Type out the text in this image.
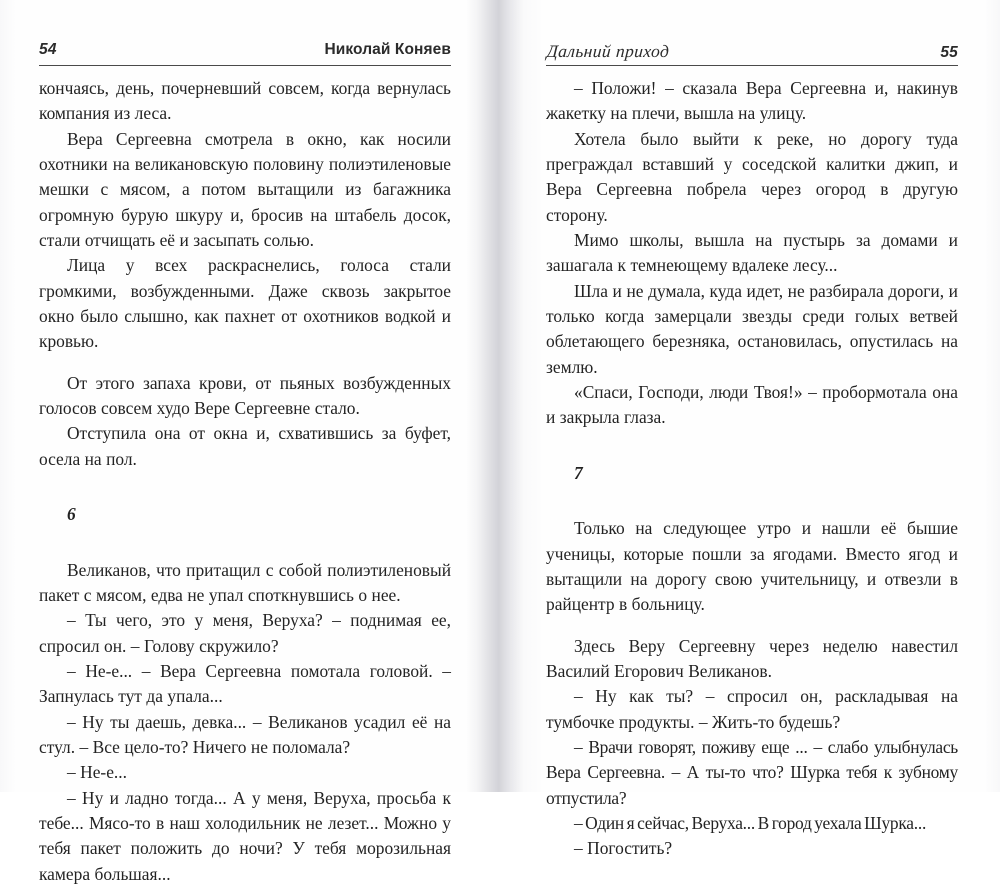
54	Николай Коняев

кончаясь, день, почерневший совсем, когда вернулась компания из леса.

Вера Сергеевна смотрела в окно, как носили охотники на великановскую половину полиэтиленовые мешки с мясом, а потом вытащили из багажника огромную бурую шкуру и, бросив на штабель досок, стали отчищать её и засыпать солью.

Лица у всех раскраснелись, голоса стали громкими, возбужденными. Даже сквозь закрытое окно было слышно, как пахнет от охотников водкой и кровью.

От этого запаха крови, от пьяных возбужденных голосов совсем худо Вере Сергеевне стало.

Отступила она от окна и, схватившись за буфет, осела на пол.

6

Великанов, что притащил с собой полиэтиленовый пакет с мясом, едва не упал споткнувшись о нее.

– Ты чего, это у меня, Веруха? – поднимая ее, спросил он. – Голову скружило?

– Не-е... – Вера Сергеевна помотала головой. – Запнулась тут да упала...

– Ну ты даешь, девка... – Великанов усадил её на стул. – Все цело-то? Ничего не поломала?

– Не-е...

– Ну и ладно тогда... А у меня, Веруха, просьба к тебе... Мясо-то в наш холодильник не лезет... Можно у тебя пакет положить до ночи? У тебя морозильная камера большая...

Дальний приход	55

– Положи! – сказала Вера Сергеевна и, накинув жакетку на плечи, вышла на улицу.

Хотела было выйти к реке, но дорогу туда преграждал вставший у соседской калитки джип, и Вера Сергеевна побрела через огород в другую сторону.

Мимо школы, вышла на пустырь за домами и зашагала к темнеющему вдалеке лесу...

Шла и не думала, куда идет, не разбирала дороги, и только когда замерцали звезды среди голых ветвей облетающего березняка, остановилась, опустилась на землю.

«Спаси, Господи, люди Твоя!» – пробормотала она и закрыла глаза.

7

Только на следующее утро и нашли её бышие ученицы, которые пошли за ягодами. Вместо ягод и вытащили на дорогу свою учительницу, и отвезли в райцентр в больницу.

Здесь Веру Сергеевну через неделю навестил Василий Егорович Великанов.

– Ну как ты? – спросил он, раскладывая на тумбочке продукты. – Жить-то будешь?

– Врачи говорят, поживу еще ... – слабо улыбнулась Вера Сергеевна. – А ты-то что? Шурка тебя к зубному отпустила?

– Один я сейчас, Веруха... В город уехала Шурка...

– Погостить?
